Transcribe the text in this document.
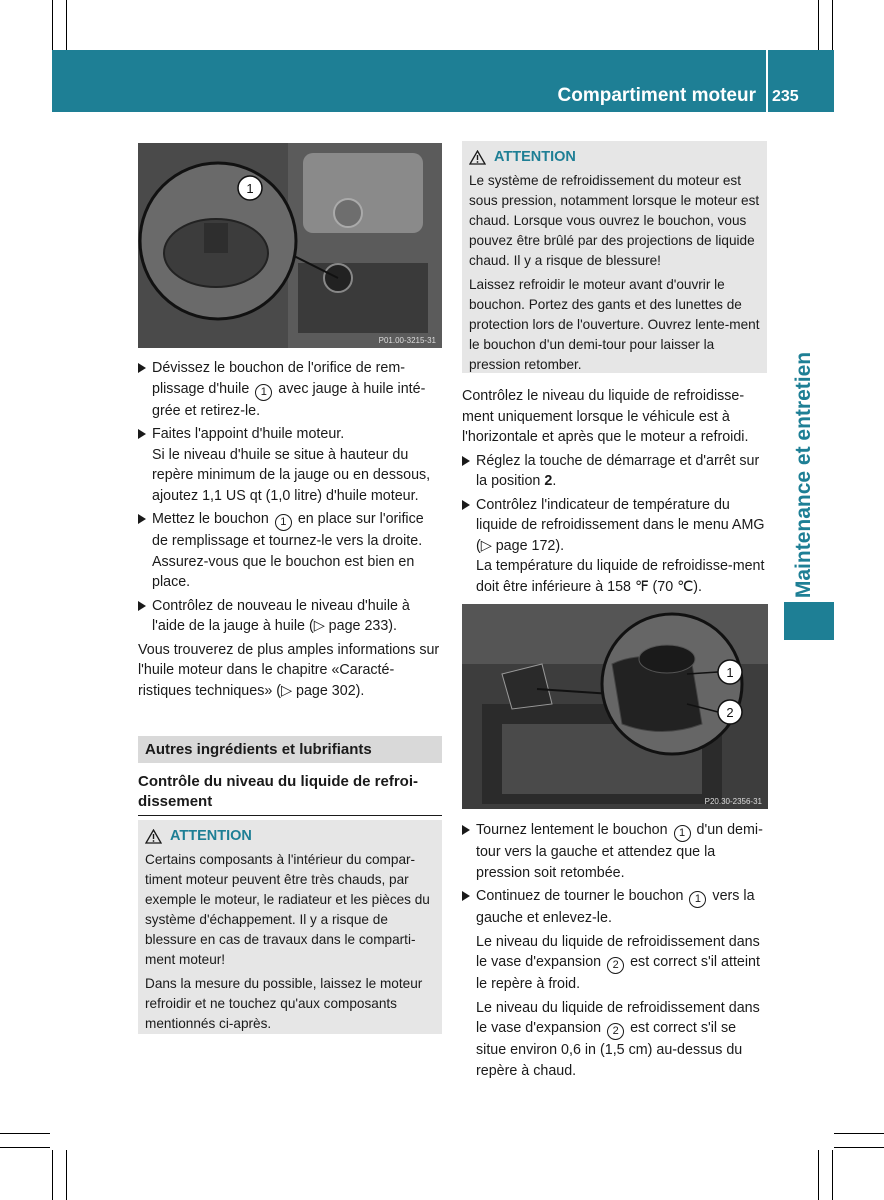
Compartiment moteur 235
Maintenance et entretien
1
P01.00-3215-31
Dévissez le bouchon de l'orifice de rem-plissage d'huile 1 avec jauge à huile inté-grée et retirez-le.
Faites l'appoint d'huile moteur.
Si le niveau d'huile se situe à hauteur du repère minimum de la jauge ou en dessous, ajoutez 1,1 US qt (1,0 litre) d'huile moteur.
Mettez le bouchon 1 en place sur l'orifice de remplissage et tournez-le vers la droite. Assurez-vous que le bouchon est bien en place.
Contrôlez de nouveau le niveau d'huile à l'aide de la jauge à huile (▷ page 233).

Vous trouverez de plus amples informations sur l'huile moteur dans le chapitre «Caracté-ristiques techniques» (▷ page 302).

Autres ingrédients et lubrifiants
Contrôle du niveau du liquide de refroi-dissement
ATTENTION

Certains composants à l'intérieur du compar-timent moteur peuvent être très chauds, par exemple le moteur, le radiateur et les pièces du système d'échappement. Il y a risque de blessure en cas de travaux dans le comparti-ment moteur!

Dans la mesure du possible, laissez le moteur refroidir et ne touchez qu'aux composants mentionnés ci-après.

ATTENTION

Le système de refroidissement du moteur est sous pression, notamment lorsque le moteur est chaud. Lorsque vous ouvrez le bouchon, vous pouvez être brûlé par des projections de liquide chaud. Il y a risque de blessure!

Laissez refroidir le moteur avant d'ouvrir le bouchon. Portez des gants et des lunettes de protection lors de l'ouverture. Ouvrez lente-ment le bouchon d'un demi-tour pour laisser la pression retomber.

Contrôlez le niveau du liquide de refroidisse-ment uniquement lorsque le véhicule est à l'horizontale et après que le moteur a refroidi.

Réglez la touche de démarrage et d'arrêt sur la position 2.
Contrôlez l'indicateur de température du liquide de refroidissement dans le menu AMG (▷ page 172).
La température du liquide de refroidisse-ment doit être inférieure à 158 ℉ (70 ℃).
1
2
P20.30-2356-31
Tournez lentement le bouchon 1 d'un demi-tour vers la gauche et attendez que la pression soit retombée.
Continuez de tourner le bouchon 1 vers la gauche et enlevez-le.
Le niveau du liquide de refroidissement dans le vase d'expansion 2 est correct s'il atteint le repère à froid.
Le niveau du liquide de refroidissement dans le vase d'expansion 2 est correct s'il se situe environ 0,6 in (1,5 cm) au-dessus du repère à chaud.
